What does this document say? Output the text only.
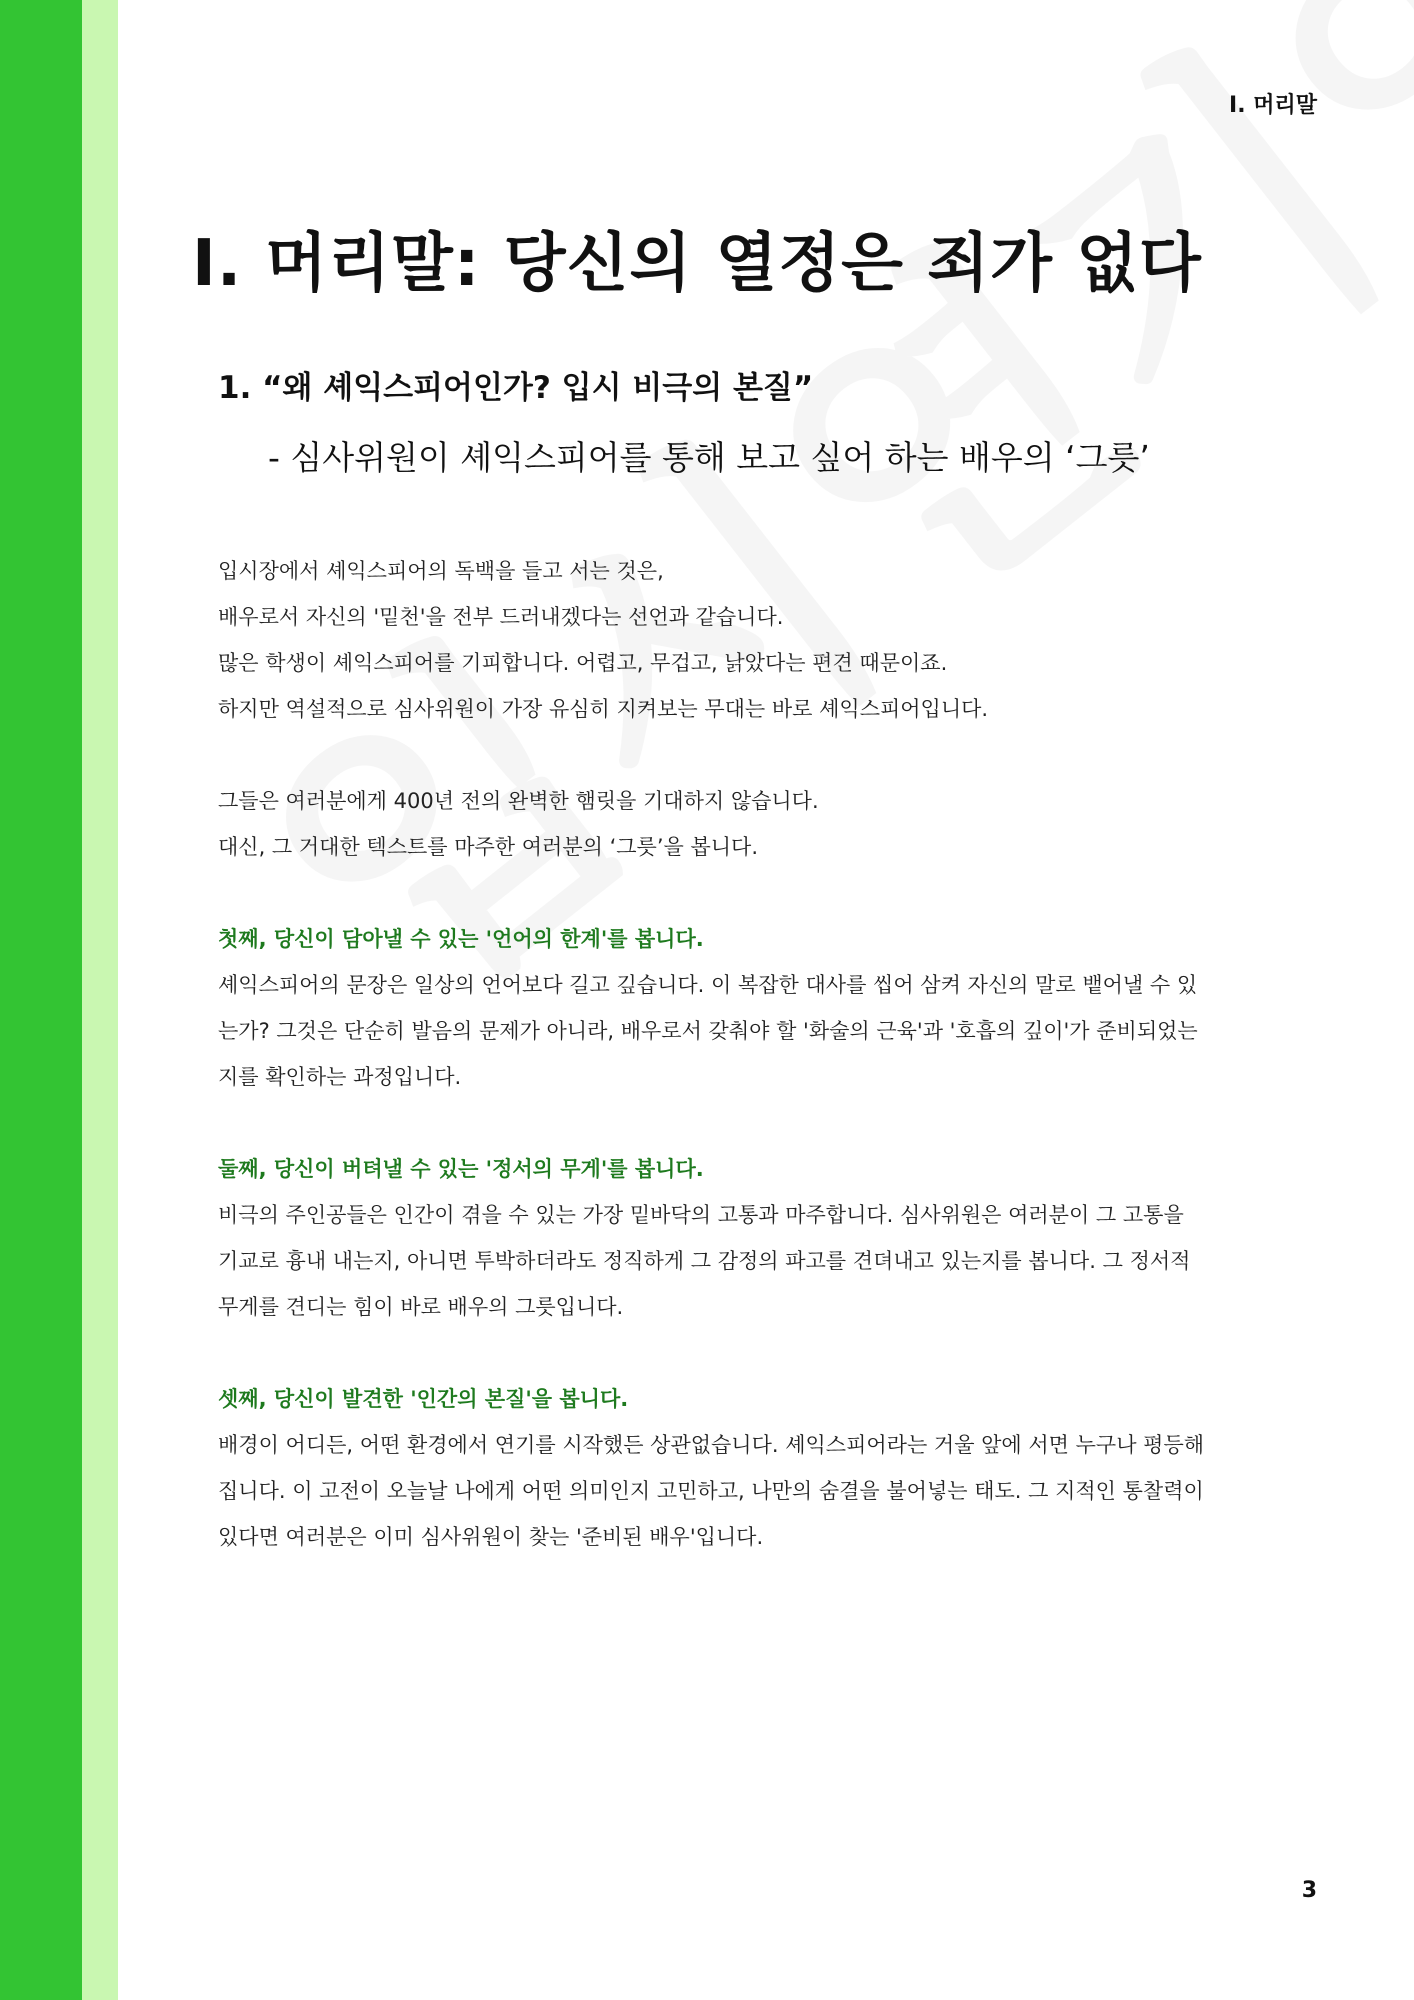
Ⅰ. 머리말
Ⅰ. 머리말: 당신의 열정은 죄가 없다
1. “왜 셰익스피어인가? 입시 비극의 본질”
- 심사위원이 셰익스피어를 통해 보고 싶어 하는 배우의 ‘그릇’
입시장에서 셰익스피어의 독백을 들고 서는 것은,
배우로서 자신의 '밑천'을 전부 드러내겠다는 선언과 같습니다.
많은 학생이 셰익스피어를 기피합니다. 어렵고, 무겁고, 낡았다는 편견 때문이죠.
하지만 역설적으로 심사위원이 가장 유심히 지켜보는 무대는 바로 셰익스피어입니다.
그들은 여러분에게 400년 전의 완벽한 햄릿을 기대하지 않습니다.
대신, 그 거대한 텍스트를 마주한 여러분의 ‘그릇’을 봅니다.
첫째, 당신이 담아낼 수 있는 '언어의 한계'를 봅니다.
셰익스피어의 문장은 일상의 언어보다 길고 깊습니다. 이 복잡한 대사를 씹어 삼켜 자신의 말로 뱉어낼 수 있
는가? 그것은 단순히 발음의 문제가 아니라, 배우로서 갖춰야 할 '화술의 근육'과 '호흡의 깊이'가 준비되었는
지를 확인하는 과정입니다.
둘째, 당신이 버텨낼 수 있는 '정서의 무게'를 봅니다.
비극의 주인공들은 인간이 겪을 수 있는 가장 밑바닥의 고통과 마주합니다. 심사위원은 여러분이 그 고통을
기교로 흉내 내는지, 아니면 투박하더라도 정직하게 그 감정의 파고를 견뎌내고 있는지를 봅니다. 그 정서적
무게를 견디는 힘이 바로 배우의 그릇입니다.
셋째, 당신이 발견한 '인간의 본질'을 봅니다.
배경이 어디든, 어떤 환경에서 연기를 시작했든 상관없습니다. 셰익스피어라는 거울 앞에 서면 누구나 평등해
집니다. 이 고전이 오늘날 나에게 어떤 의미인지 고민하고, 나만의 숨결을 불어넣는 태도. 그 지적인 통찰력이
있다면 여러분은 이미 심사위원이 찾는 '준비된 배우'입니다.
3
